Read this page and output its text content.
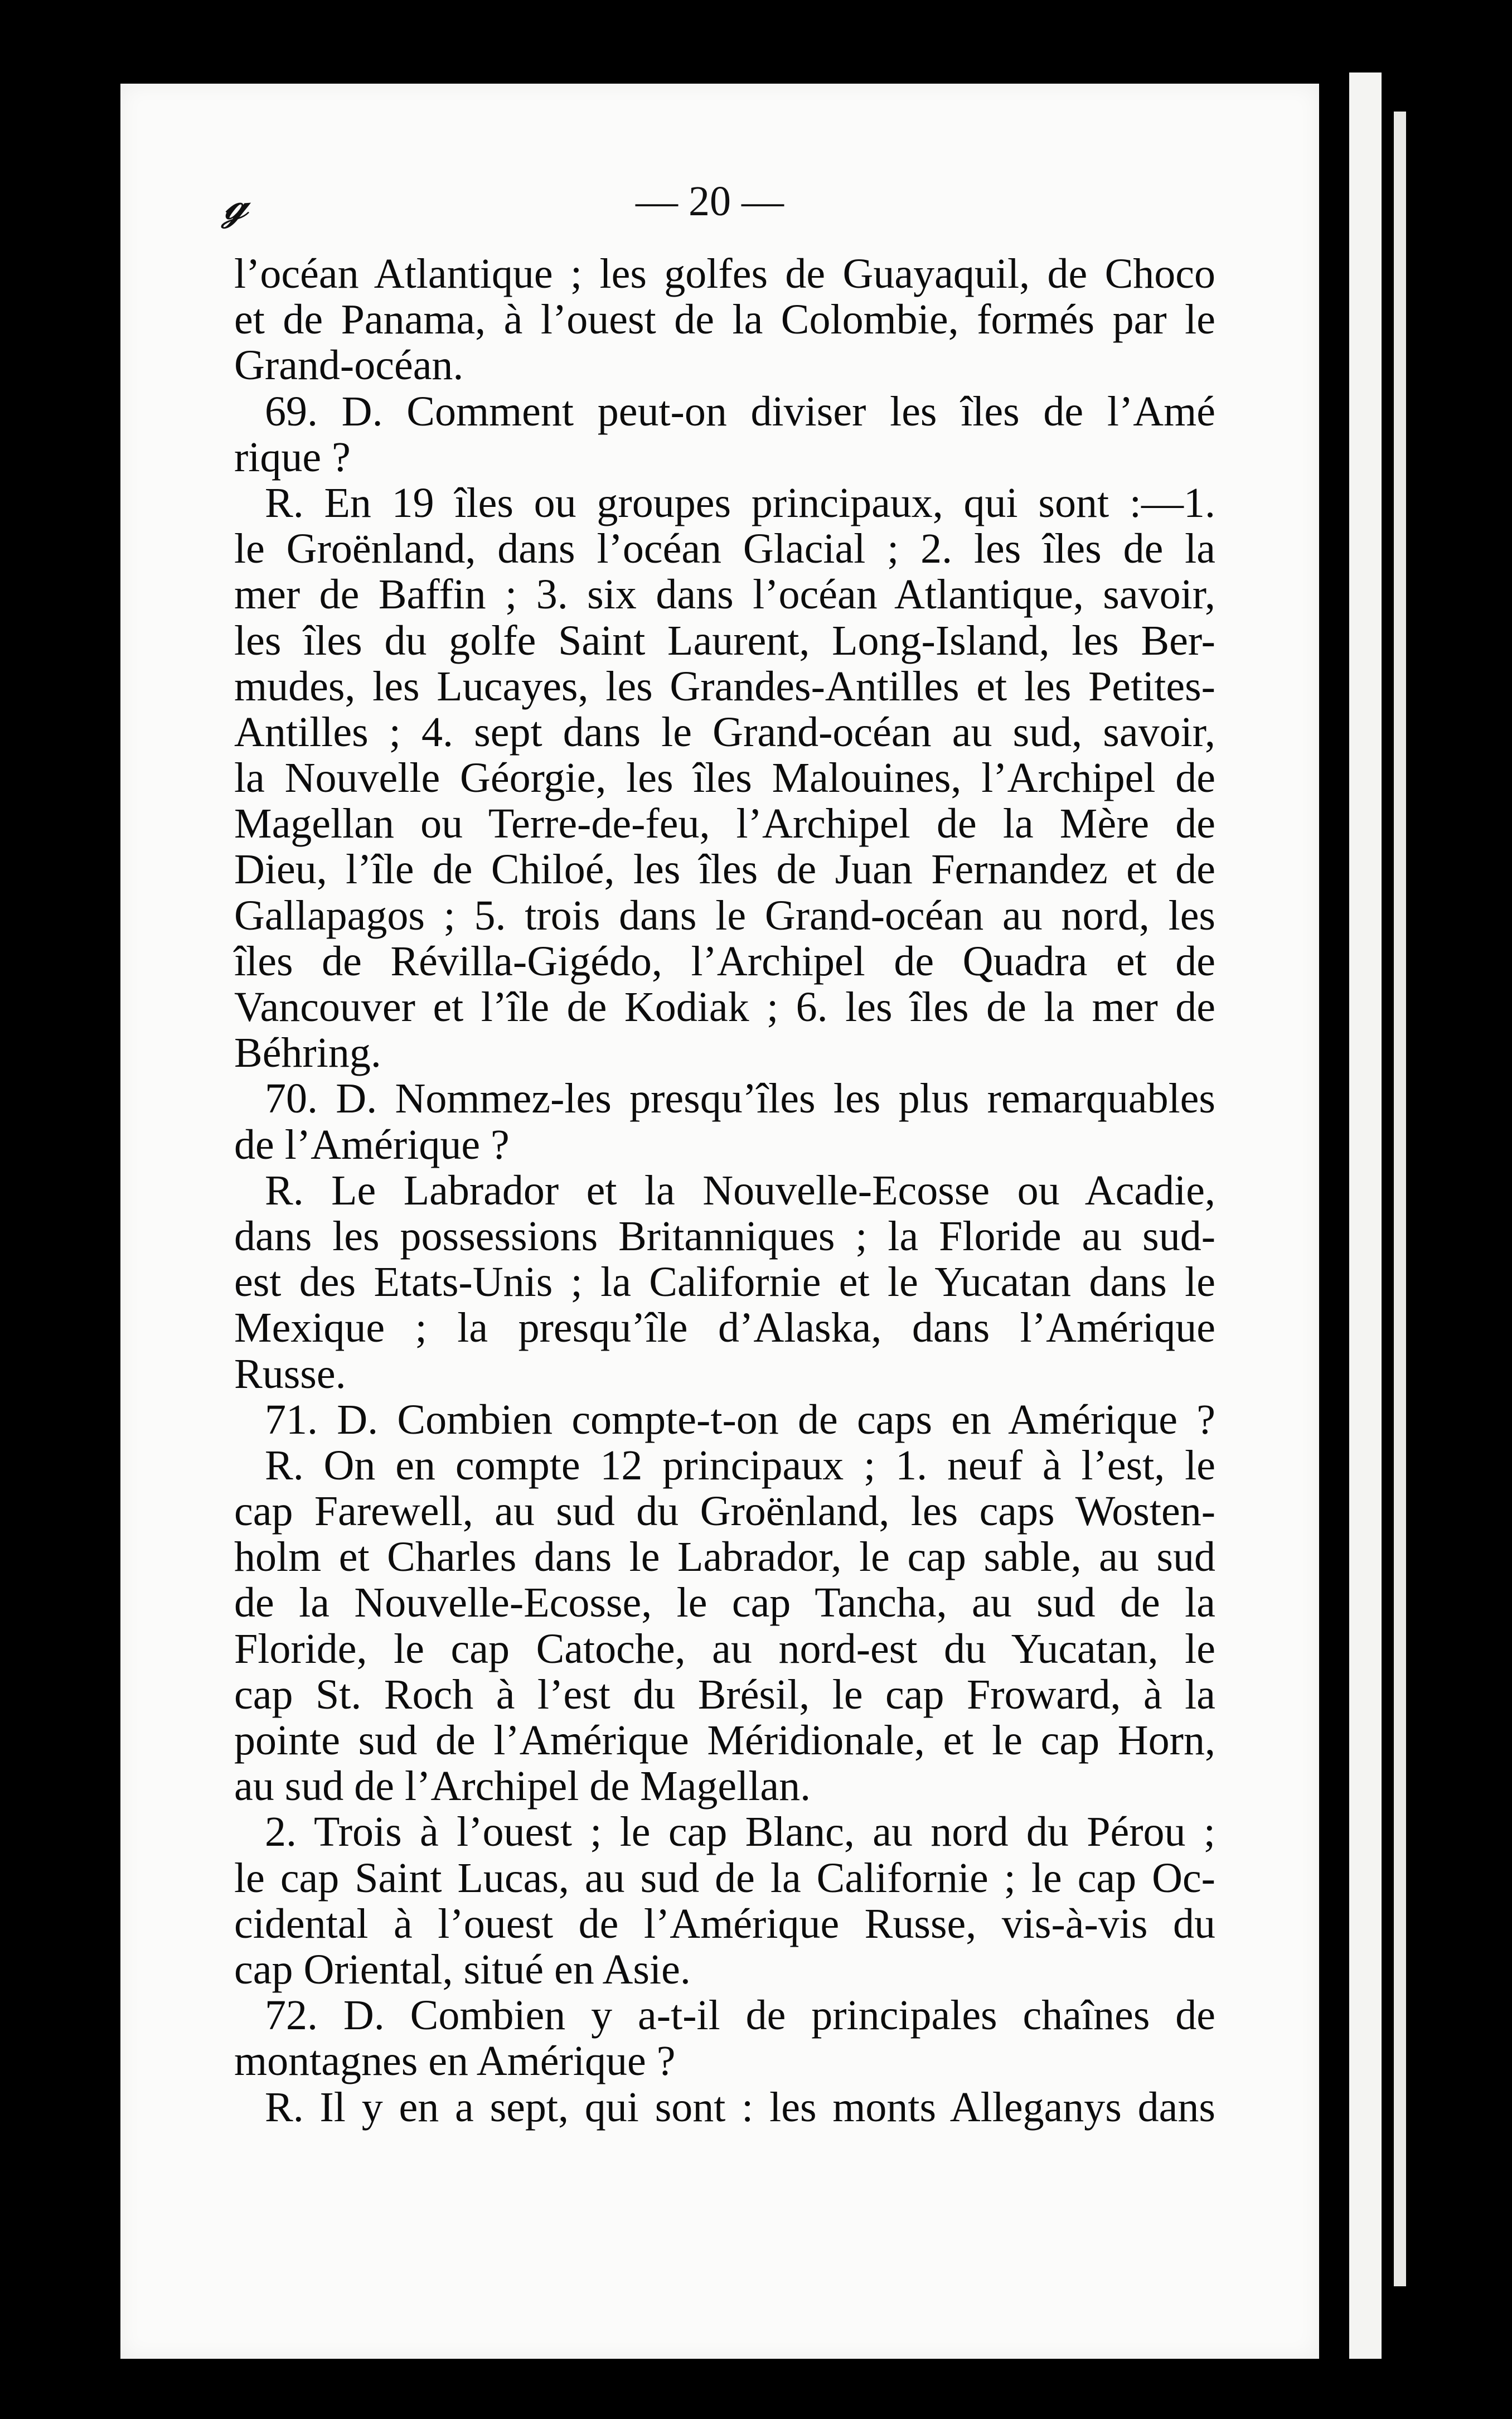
𝓰	— 20 —
l’océan Atlantique ; les golfes de Guayaquil, de Choco
et de Panama, à l’ouest de la Colombie, formés par le
Grand-océan.
69. D. Comment peut-on diviser les îles de l’Amé
rique ?
R. En 19 îles ou groupes principaux, qui sont :—1.
le Groënland, dans l’océan Glacial ; 2. les îles de la
mer de Baffin ; 3. six dans l’océan Atlantique, savoir,
les îles du golfe Saint Laurent, Long-Island, les Ber-
mudes, les Lucayes, les Grandes-Antilles et les Petites-
Antilles ; 4. sept dans le Grand-océan au sud, savoir,
la Nouvelle Géorgie, les îles Malouines, l’Archipel de
Magellan ou Terre-de-feu, l’Archipel de la Mère de
Dieu, l’île de Chiloé, les îles de Juan Fernandez et de
Gallapagos ; 5. trois dans le Grand-océan au nord, les
îles de Révilla-Gigédo, l’Archipel de Quadra et de
Vancouver et l’île de Kodiak ; 6. les îles de la mer de
Béhring.
70. D. Nommez-les presqu’îles les plus remarquables
de l’Amérique ?
R. Le Labrador et la Nouvelle-Ecosse ou Acadie,
dans les possessions Britanniques ; la Floride au sud-
est des Etats-Unis ; la Californie et le Yucatan dans le
Mexique ; la presqu’île d’Alaska, dans l’Amérique
Russe.
71. D. Combien compte-t-on de caps en Amérique ?
R. On en compte 12 principaux ; 1. neuf à l’est, le
cap Farewell, au sud du Groënland, les caps Wosten-
holm et Charles dans le Labrador, le cap sable, au sud
de la Nouvelle-Ecosse, le cap Tancha, au sud de la
Floride, le cap Catoche, au nord-est du Yucatan, le
cap St. Roch à l’est du Brésil, le cap Froward, à la
pointe sud de l’Amérique Méridionale, et le cap Horn,
au sud de l’Archipel de Magellan.
2. Trois à l’ouest ; le cap Blanc, au nord du Pérou ;
le cap Saint Lucas, au sud de la Californie ; le cap Oc-
cidental à l’ouest de l’Amérique Russe, vis-à-vis du
cap Oriental, situé en Asie.
72. D. Combien y a-t-il de principales chaînes de
montagnes en Amérique ?
R. Il y en a sept, qui sont : les monts Alleganys dans
